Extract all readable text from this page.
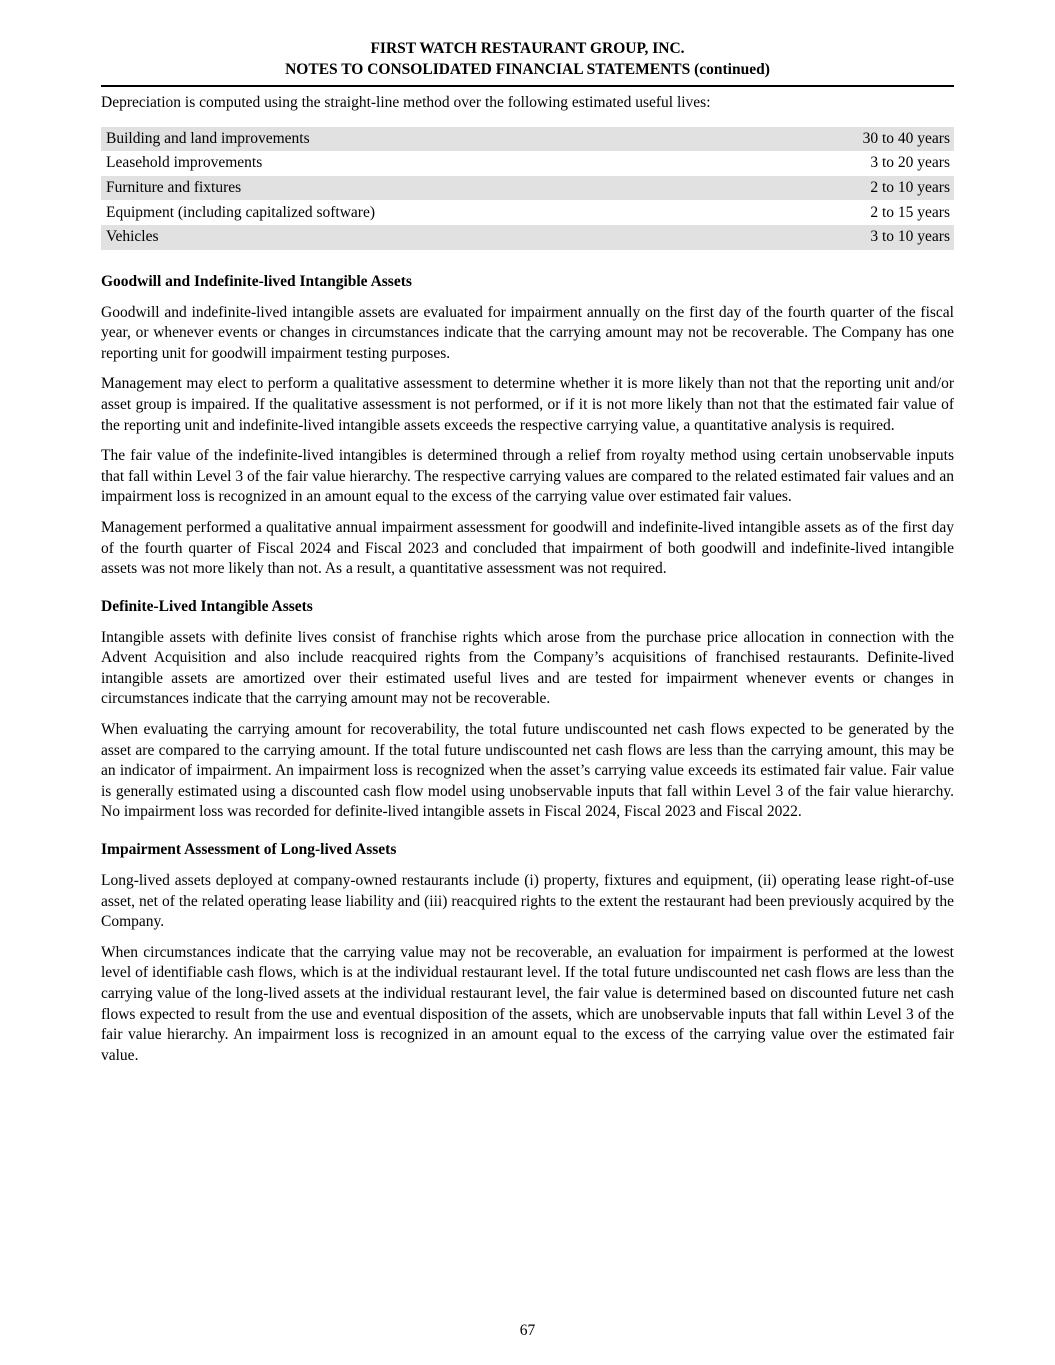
FIRST WATCH RESTAURANT GROUP, INC.
NOTES TO CONSOLIDATED FINANCIAL STATEMENTS (continued)

Depreciation is computed using the straight-line method over the following estimated useful lives:

Building and land improvements	30 to 40 years
Leasehold improvements	3 to 20 years
Furniture and fixtures	2 to 10 years
Equipment (including capitalized software)	2 to 15 years
Vehicles	3 to 10 years
Goodwill and Indefinite-lived Intangible Assets

Goodwill and indefinite-lived intangible assets are evaluated for impairment annually on the first day of the fourth quarter of the fiscal year, or whenever events or changes in circumstances indicate that the carrying amount may not be recoverable. The Company has one reporting unit for goodwill impairment testing purposes.

Management may elect to perform a qualitative assessment to determine whether it is more likely than not that the reporting unit and/or asset group is impaired. If the qualitative assessment is not performed, or if it is not more likely than not that the estimated fair value of the reporting unit and indefinite-lived intangible assets exceeds the respective carrying value, a quantitative analysis is required.

The fair value of the indefinite-lived intangibles is determined through a relief from royalty method using certain unobservable inputs that fall within Level 3 of the fair value hierarchy. The respective carrying values are compared to the related estimated fair values and an impairment loss is recognized in an amount equal to the excess of the carrying value over estimated fair values.

Management performed a qualitative annual impairment assessment for goodwill and indefinite-lived intangible assets as of the first day of the fourth quarter of Fiscal 2024 and Fiscal 2023 and concluded that impairment of both goodwill and indefinite-lived intangible assets was not more likely than not. As a result, a quantitative assessment was not required.

Definite-Lived Intangible Assets

Intangible assets with definite lives consist of franchise rights which arose from the purchase price allocation in connection with the Advent Acquisition and also include reacquired rights from the Company’s acquisitions of franchised restaurants. Definite-lived intangible assets are amortized over their estimated useful lives and are tested for impairment whenever events or changes in circumstances indicate that the carrying amount may not be recoverable.

When evaluating the carrying amount for recoverability, the total future undiscounted net cash flows expected to be generated by the asset are compared to the carrying amount. If the total future undiscounted net cash flows are less than the carrying amount, this may be an indicator of impairment. An impairment loss is recognized when the asset’s carrying value exceeds its estimated fair value. Fair value is generally estimated using a discounted cash flow model using unobservable inputs that fall within Level 3 of the fair value hierarchy. No impairment loss was recorded for definite-lived intangible assets in Fiscal 2024, Fiscal 2023 and Fiscal 2022.

Impairment Assessment of Long-lived Assets

Long-lived assets deployed at company-owned restaurants include (i) property, fixtures and equipment, (ii) operating lease right-of-use asset, net of the related operating lease liability and (iii) reacquired rights to the extent the restaurant had been previously acquired by the Company.

When circumstances indicate that the carrying value may not be recoverable, an evaluation for impairment is performed at the lowest level of identifiable cash flows, which is at the individual restaurant level. If the total future undiscounted net cash flows are less than the carrying value of the long-lived assets at the individual restaurant level, the fair value is determined based on discounted future net cash flows expected to result from the use and eventual disposition of the assets, which are unobservable inputs that fall within Level 3 of the fair value hierarchy. An impairment loss is recognized in an amount equal to the excess of the carrying value over the estimated fair value.

67
